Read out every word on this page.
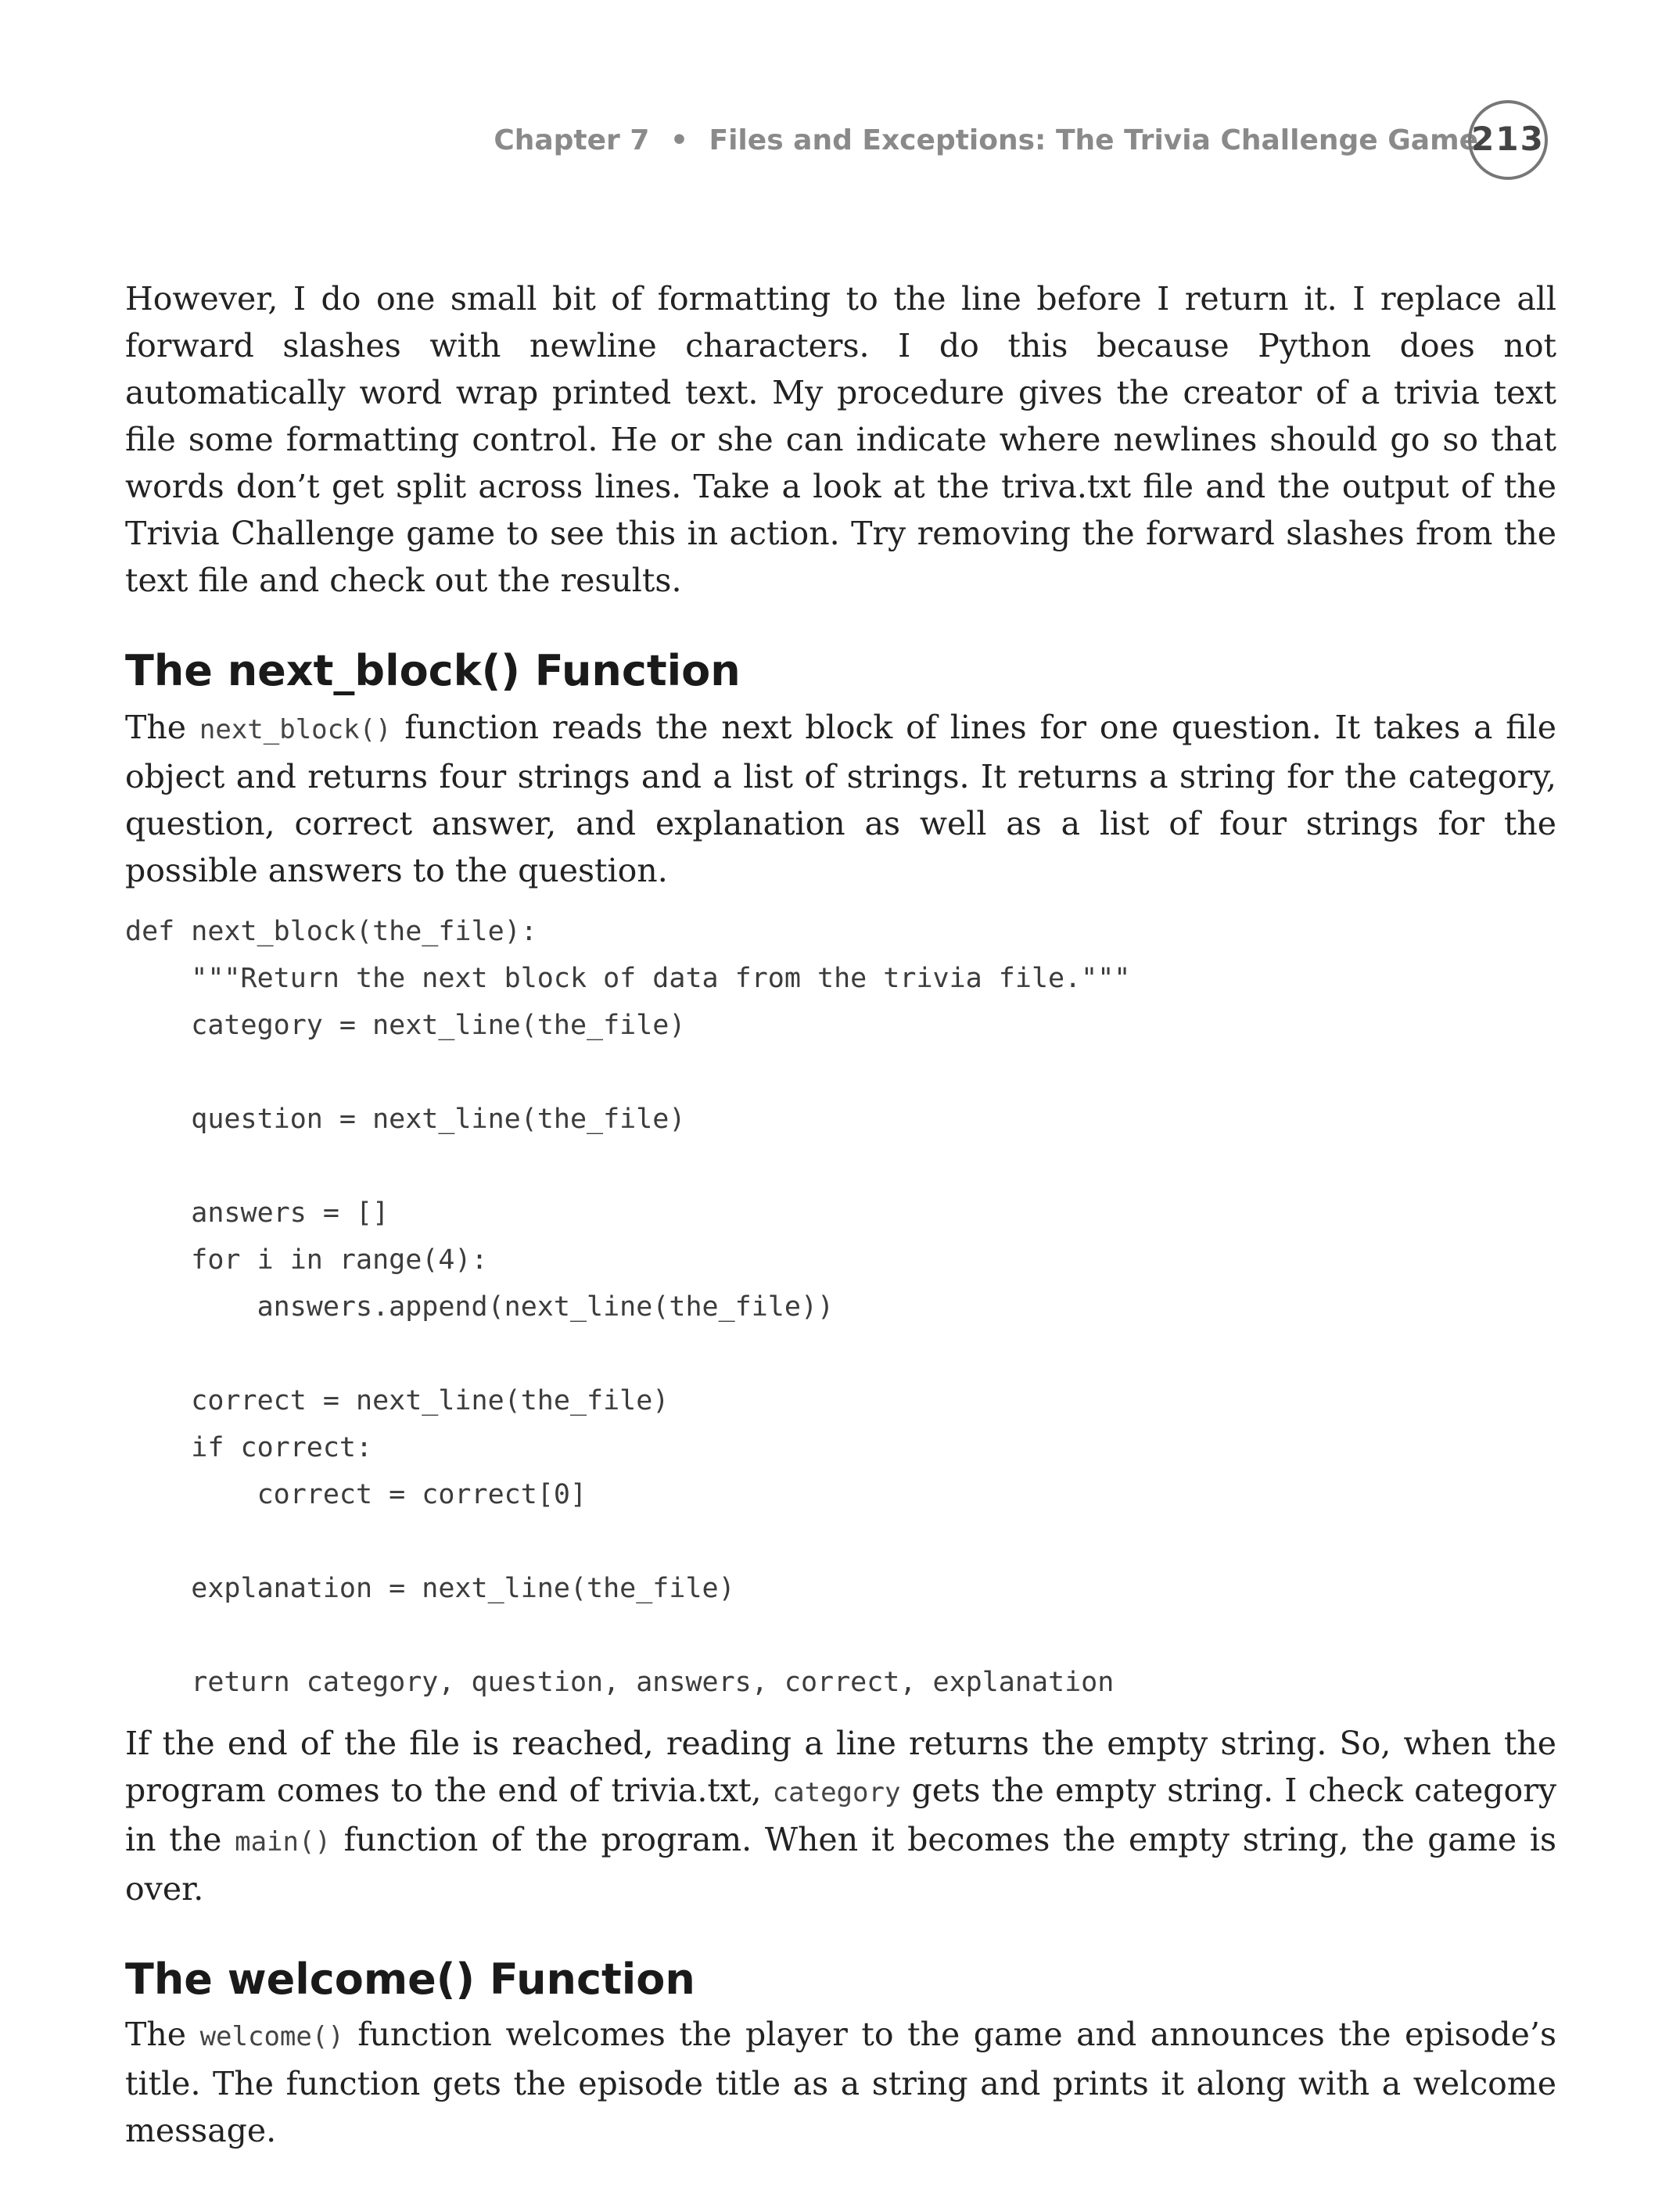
Chapter 7 • Files and Exceptions: The Trivia Challenge Game
213

However, I do one small bit of formatting to the line before I return it. I replace all forward slashes with newline characters. I do this because Python does not automatically word wrap printed text. My procedure gives the creator of a trivia text file some formatting control. He or she can indicate where newlines should go so that words don’t get split across lines. Take a look at the triva.txt file and the output of the Trivia Challenge game to see this in action. Try removing the forward slashes from the text file and check out the results.

The next_block() Function

The next_block() function reads the next block of lines for one question. It takes a file object and returns four strings and a list of strings. It returns a string for the category, question, correct answer, and explanation as well as a list of four strings for the possible answers to the question.

def next_block(the_file):
"""Return the next block of data from the trivia file."""
category = next_line(the_file)

question = next_line(the_file)

answers = []
for i in range(4):
answers.append(next_line(the_file))

correct = next_line(the_file)
if correct:
correct = correct[0]

explanation = next_line(the_file)

return category, question, answers, correct, explanation

If the end of the file is reached, reading a line returns the empty string. So, when the program comes to the end of trivia.txt, category gets the empty string. I check category in the main() function of the program. When it becomes the empty string, the game is over.

The welcome() Function

The welcome() function welcomes the player to the game and announces the episode’s title. The function gets the episode title as a string and prints it along with a welcome message.
